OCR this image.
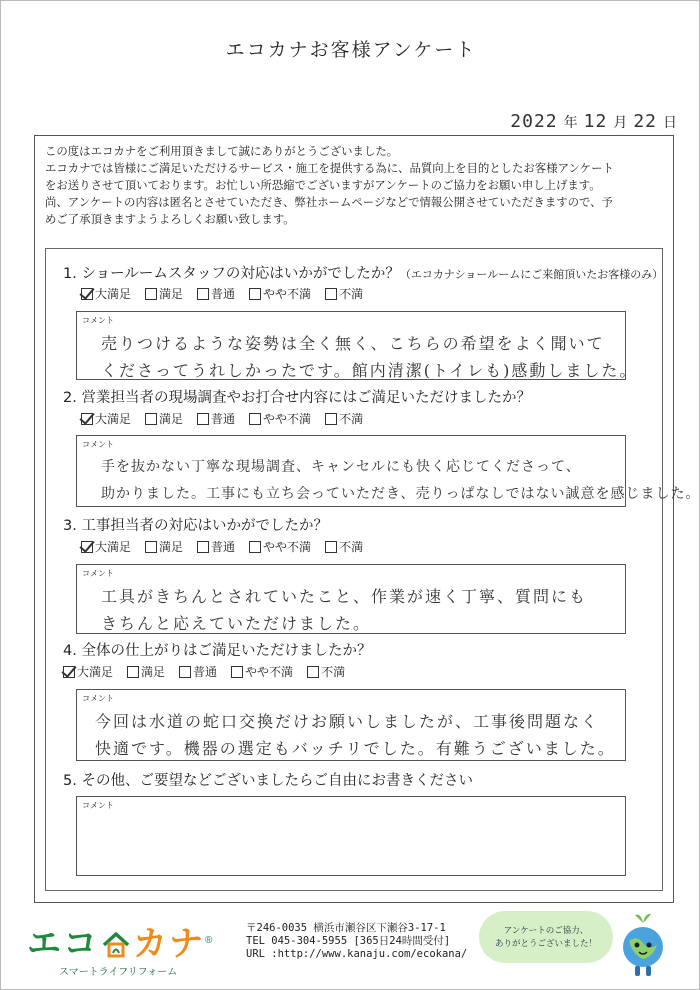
エコカナお客様アンケート
2022 年 12 月 22 日

この度はエコカナをご利用頂きまして誠にありがとうございました。

エコカナでは皆様にご満足いただけるサービス・施工を提供する為に、品質向上を目的としたお客様アンケート

をお送りさせて頂いております。お忙しい所恐縮でございますがアンケートのご協力をお願い申し上げます。

尚、アンケートの内容は匿名とさせていただき、弊社ホームページなどで情報公開させていただきますので、予

めご了承頂きますようよろしくお願い致します。

1. ショールームスタッフの対応はいかがでしたか？（エコカナショールームにご来館頂いたお客様のみ）
大満足 満足 普通 やや不満 不満
コメント
売りつけるような姿勢は全く無く、こちらの希望をよく聞いて
くださってうれしかったです。館内清潔(トイレも)感動しました。
2. 営業担当者の現場調査やお打合せ内容にはご満足いただけましたか？
大満足 満足 普通 やや不満 不満
コメント
手を抜かない丁寧な現場調査、キャンセルにも快く応じてくださって、
助かりました。工事にも立ち会っていただき、売りっぱなしではない誠意を感じました。
3. 工事担当者の対応はいかがでしたか？
大満足 満足 普通 やや不満 不満
コメント
工具がきちんとされていたこと、作業が速く丁寧、質問にも
きちんと応えていただけました。
4. 全体の仕上がりはご満足いただけましたか？
大満足 満足 普通 やや不満 不満
コメント
今回は水道の蛇口交換だけお願いしましたが、工事後問題なく
快適です。機器の選定もバッチリでした。有難うございました。
5. その他、ご要望などございましたらご自由にお書きください
コメント
エコ カナ ®
スマートライフリフォーム
〒246-0035 横浜市瀬谷区下瀬谷3-17-1
TEL 045-304-5955 [365日24時間受付]
URL :http://www.kanaju.com/ecokana/
アンケートのご協力、
ありがとうございました！
